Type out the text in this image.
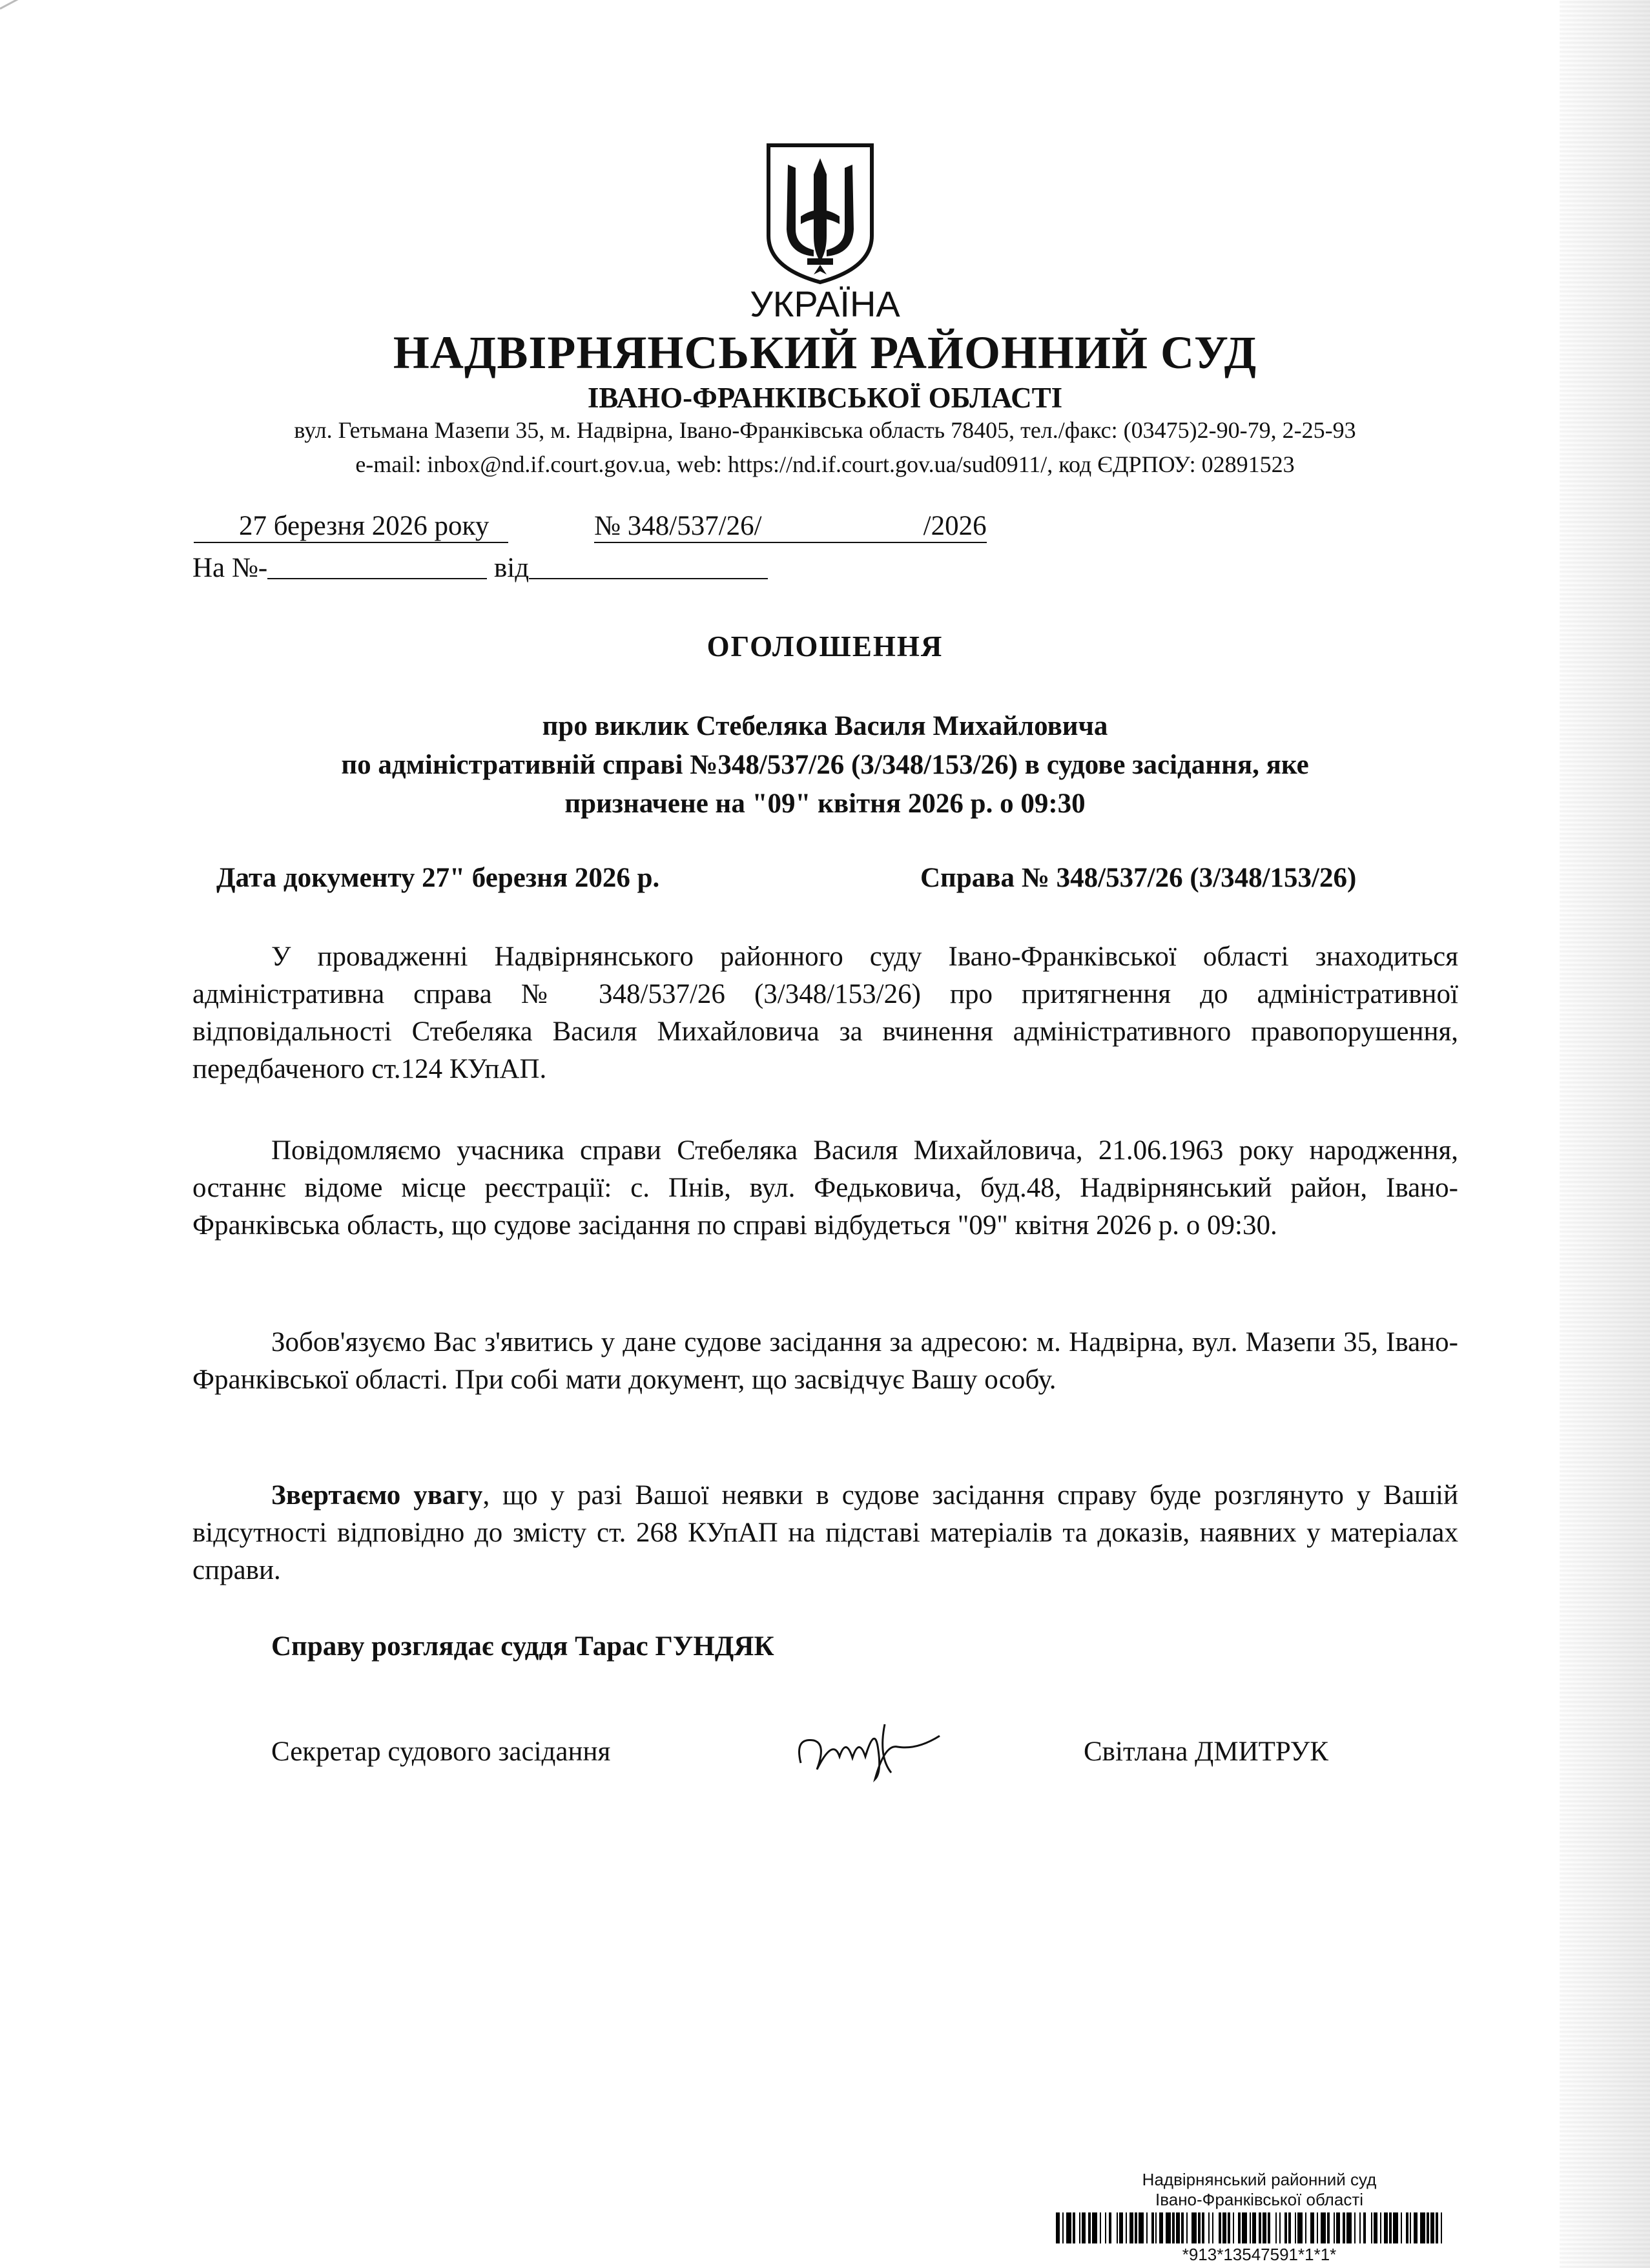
УКРАЇНА
НАДВІРНЯНСЬКИЙ РАЙОННИЙ СУД
ІВАНО-ФРАНКІВСЬКОЇ ОБЛАСТІ
вул. Гетьмана Мазепи 35, м. Надвірна, Івано-Франківська область 78405, тел./факс: (03475)2-90-79, 2-25-93
e-mail: inbox@nd.if.court.gov.ua, web: https://nd.if.court.gov.ua/sud0911/, код ЄДРПОУ: 02891523
27 березня 2026 року	№ 348/537/26/	/2026
На №-	від
ОГОЛОШЕННЯ
про виклик Стебеляка Василя Михайловича
по адміністративній справі №348/537/26 (3/348/153/26) в судове засідання, яке
призначене на "09" квітня 2026 р. о 09:30
Дата документу 27" березня 2026 р.	Справа № 348/537/26 (3/348/153/26)

У провадженні Надвірнянського районного суду Івано-Франківської області знаходиться адміністративна справа № 348/537/26 (3/348/153/26) про притягнення до адміністративної відповідальності Стебеляка Василя Михайловича за вчинення адміністративного правопорушення, передбаченого ст.124 КУпАП.

Повідомляємо учасника справи Стебеляка Василя Михайловича, 21.06.1963 року народження, останнє відоме місце реєстрації: с. Пнів, вул. Федьковича, буд.48, Надвірнянський район, Івано-Франківська область, що судове засідання по справі відбудеться "09" квітня 2026 р. о 09:30.

Зобов'язуємо Вас з'явитись у дане судове засідання за адресою: м. Надвірна, вул. Мазепи 35, Івано-Франківської області. При собі мати документ, що засвідчує Вашу особу.

Звертаємо увагу, що у разі Вашої неявки в судове засідання справу буде розглянуто у Вашій відсутності відповідно до змісту ст. 268 КУпАП на підставі матеріалів та доказів, наявних у матеріалах справи.

Справу розглядає суддя Тарас ГУНДЯК
Секретар судового засідання	Світлана ДМИТРУК
Надвірнянський районний суд
Івано-Франківської області
*913*13547591*1*1*
